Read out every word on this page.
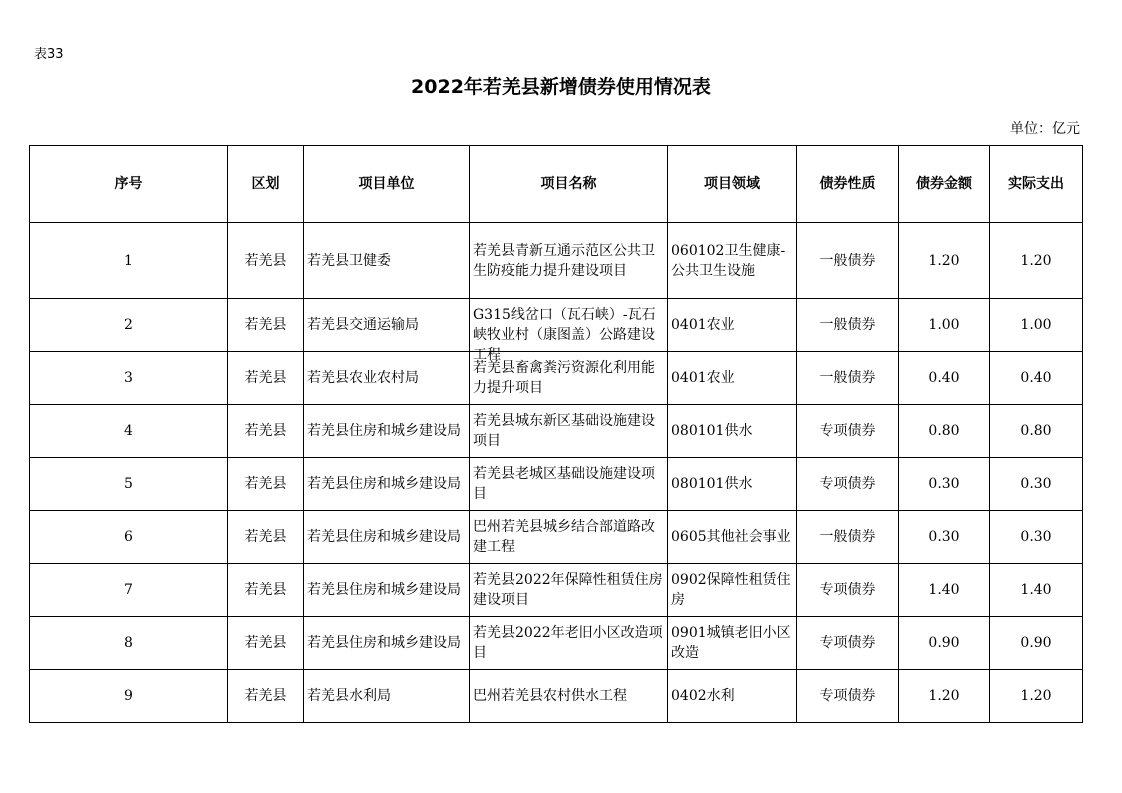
表33
2022年若羌县新增债券使用情况表
单位：亿元
序号	区划	项目单位	项目名称	项目领域	债券性质	债券金额	实际支出
1	若羌县	若羌县卫健委	若羌县青新互通示范区公共卫生防疫能力提升建设项目	060102卫生健康-公共卫生设施	一般债券	1.20	1.20
2	若羌县	若羌县交通运输局	G315线岔口（瓦石峡）-瓦石峡牧业村（康图盖）公路建设工程	0401农业	一般债券	1.00	1.00
3	若羌县	若羌县农业农村局	若羌县畜禽粪污资源化利用能力提升项目	0401农业	一般债券	0.40	0.40
4	若羌县	若羌县住房和城乡建设局	若羌县城东新区基础设施建设项目	080101供水	专项债券	0.80	0.80
5	若羌县	若羌县住房和城乡建设局	若羌县老城区基础设施建设项目	080101供水	专项债券	0.30	0.30
6	若羌县	若羌县住房和城乡建设局	巴州若羌县城乡结合部道路改建工程	0605其他社会事业	一般债券	0.30	0.30
7	若羌县	若羌县住房和城乡建设局	若羌县2022年保障性租赁住房建设项目	0902保障性租赁住房	专项债券	1.40	1.40
8	若羌县	若羌县住房和城乡建设局	若羌县2022年老旧小区改造项目	0901城镇老旧小区改造	专项债券	0.90	0.90
9	若羌县	若羌县水利局	巴州若羌县农村供水工程	0402水利	专项债券	1.20	1.20
